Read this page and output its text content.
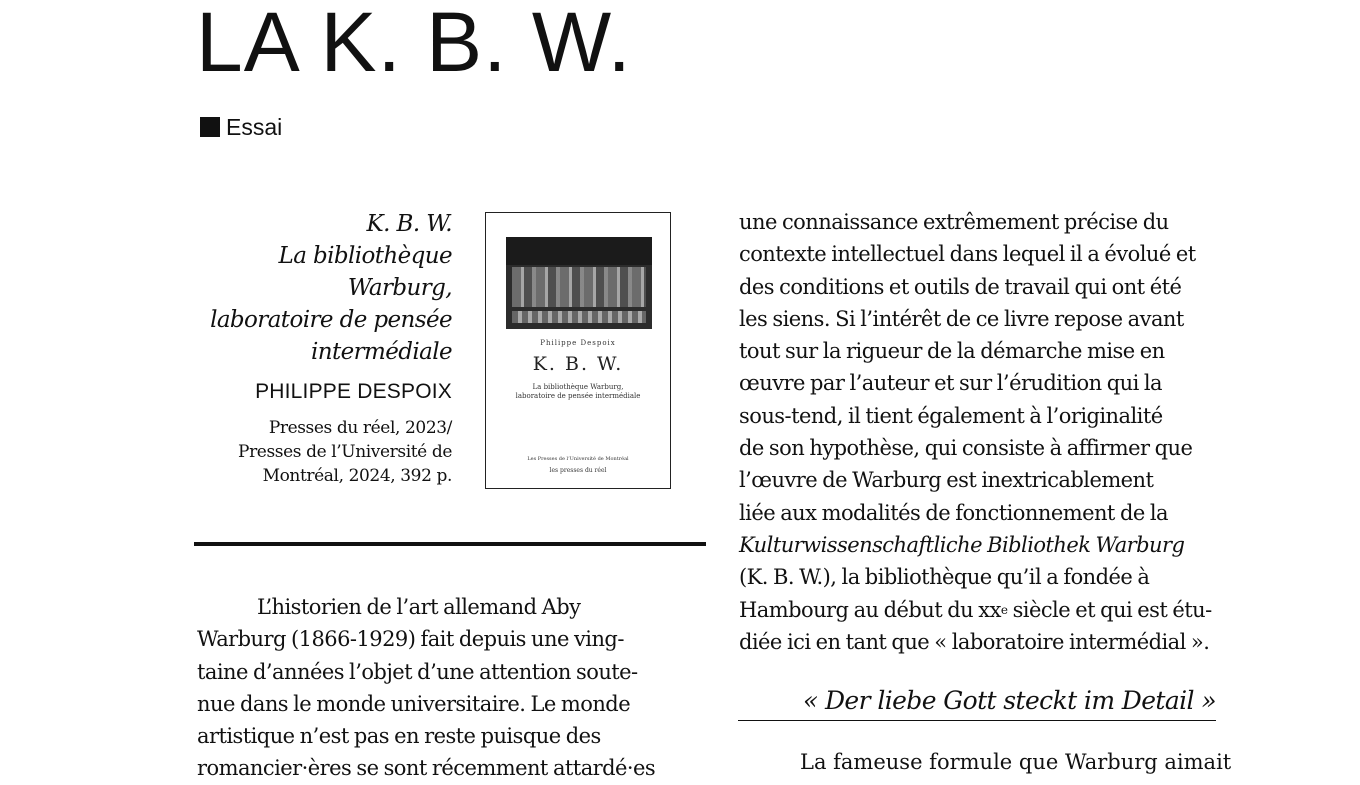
LA K. B. W.
Essai
K. B. W.
La bibliothèque
Warburg,
laboratoire de pensée
intermédiale
PHILIPPE DESPOIX
Presses du réel, 2023/
Presses de l’Université de
Montréal, 2024, 392 p.
Philippe Despoix
K. B. W.
La bibliothèque Warburg,
laboratoire de pensée intermédiale
Les Presses de l’Université de Montréal
les presses du réel
L’historien de l’art allemand Aby
Warburg (1866-1929) fait depuis une ving-
taine d’années l’objet d’une attention soute-
nue dans le monde universitaire. Le monde
artistique n’est pas en reste puisque des
romancier·ères se sont récemment attardé·es
une connaissance extrêmement précise du
contexte intellectuel dans lequel il a évolué et
des conditions et outils de travail qui ont été
les siens. Si l’intérêt de ce livre repose avant
tout sur la rigueur de la démarche mise en
œuvre par l’auteur et sur l’érudition qui la
sous-tend, il tient également à l’originalité
de son hypothèse, qui consiste à affirmer que
l’œuvre de Warburg est inextricablement
liée aux modalités de fonctionnement de la
Kulturwissenschaftliche Bibliothek Warburg
(K. B. W.), la bibliothèque qu’il a fondée à
Hambourg au début du xx e siècle et qui est étu-
diée ici en tant que « laboratoire intermédial ».
« Der liebe Gott steckt im Detail »
La fameuse formule que Warburg aimait
